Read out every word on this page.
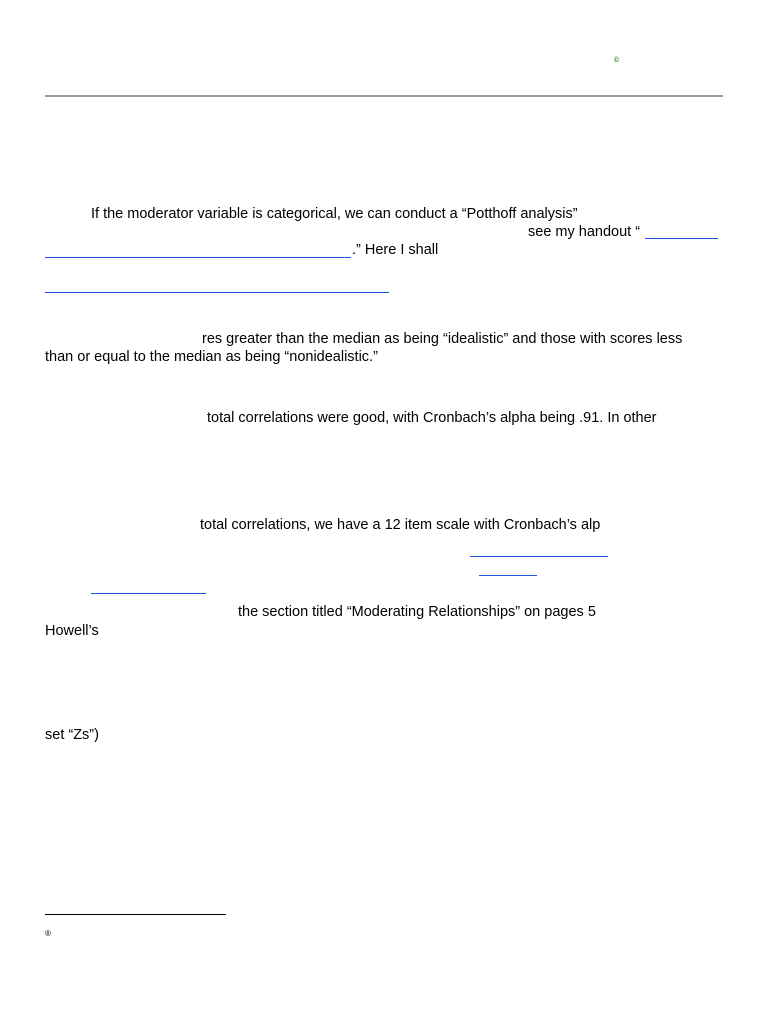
©
If the moderator variable is categorical, we can conduct a “Potthoff analysis”
see my handout “
.” Here I shall
res greater than the median as being “idealistic” and those with scores less
than or equal to the median as being “nonidealistic.”
total correlations were good, with Cronbach’s alpha being .91. In other
total correlations, we have a 12 item scale with Cronbach’s alp
the section titled “Moderating Relationships” on pages 5
Howell’s
set “Zs”)
®
